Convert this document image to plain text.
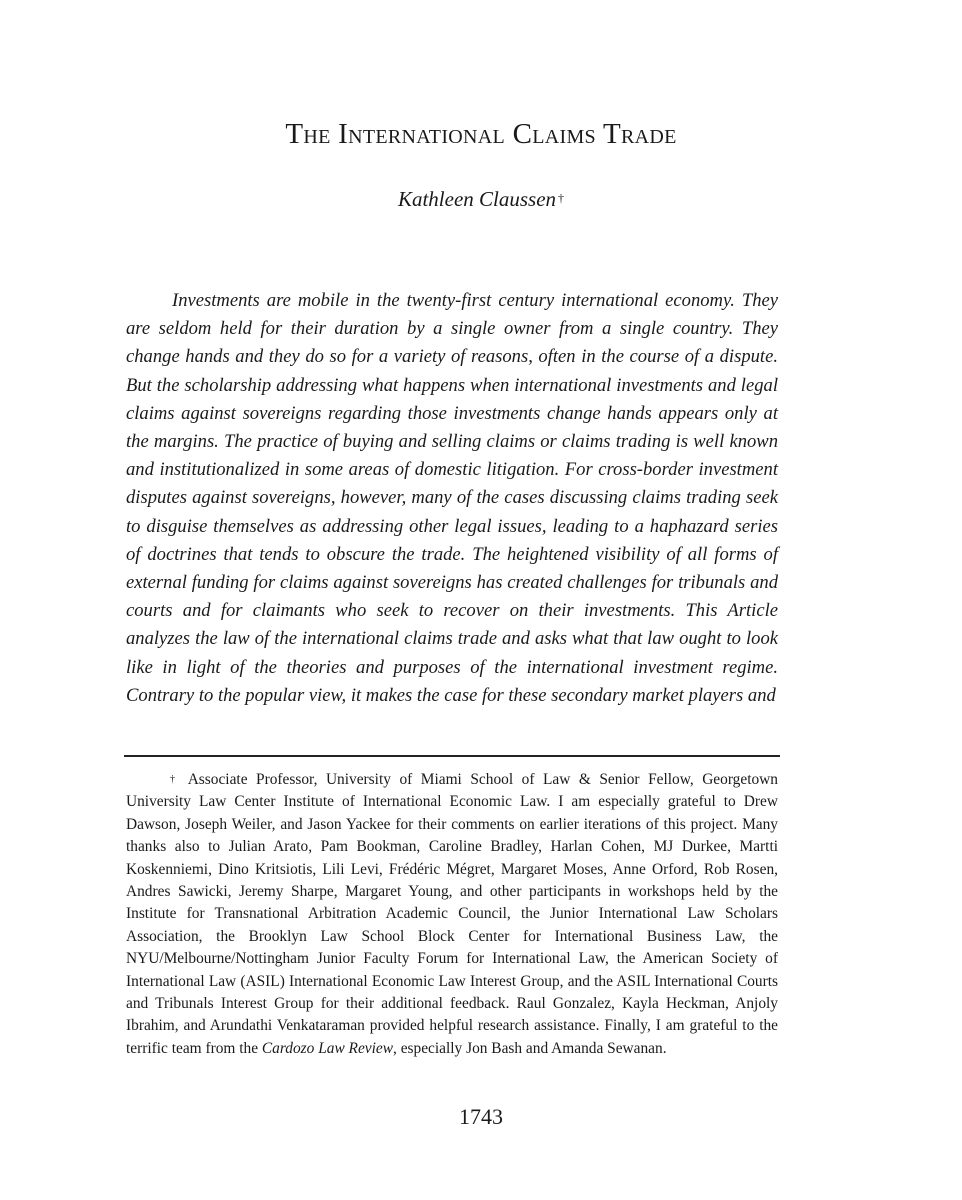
The International Claims Trade
Kathleen Claussen †

Investments are mobile in the twenty-first century international economy. They are seldom held for their duration by a single owner from a single country. They change hands and they do so for a variety of reasons, often in the course of a dispute. But the scholarship addressing what happens when international investments and legal claims against sovereigns regarding those investments change hands appears only at the margins. The practice of buying and selling claims or claims trading is well known and institutionalized in some areas of domestic litigation. For cross-border investment disputes against sovereigns, however, many of the cases discussing claims trading seek to disguise themselves as addressing other legal issues, leading to a haphazard series of doctrines that tends to obscure the trade. The heightened visibility of all forms of external funding for claims against sovereigns has created challenges for tribunals and courts and for claimants who seek to recover on their investments. This Article analyzes the law of the international claims trade and asks what that law ought to look like in light of the theories and purposes of the international investment regime. Contrary to the popular view, it makes the case for these secondary market players and

† Associate Professor, University of Miami School of Law & Senior Fellow, Georgetown University Law Center Institute of International Economic Law. I am especially grateful to Drew Dawson, Joseph Weiler, and Jason Yackee for their comments on earlier iterations of this project. Many thanks also to Julian Arato, Pam Bookman, Caroline Bradley, Harlan Cohen, MJ Durkee, Martti Koskenniemi, Dino Kritsiotis, Lili Levi, Frédéric Mégret, Margaret Moses, Anne Orford, Rob Rosen, Andres Sawicki, Jeremy Sharpe, Margaret Young, and other participants in workshops held by the Institute for Transnational Arbitration Academic Council, the Junior International Law Scholars Association, the Brooklyn Law School Block Center for International Business Law, the NYU/Melbourne/Nottingham Junior Faculty Forum for International Law, the American Society of International Law (ASIL) International Economic Law Interest Group, and the ASIL International Courts and Tribunals Interest Group for their additional feedback. Raul Gonzalez, Kayla Heckman, Anjoly Ibrahim, and Arundathi Venkataraman provided helpful research assistance. Finally, I am grateful to the terrific team from the Cardozo Law Review, especially Jon Bash and Amanda Sewanan.

1743
